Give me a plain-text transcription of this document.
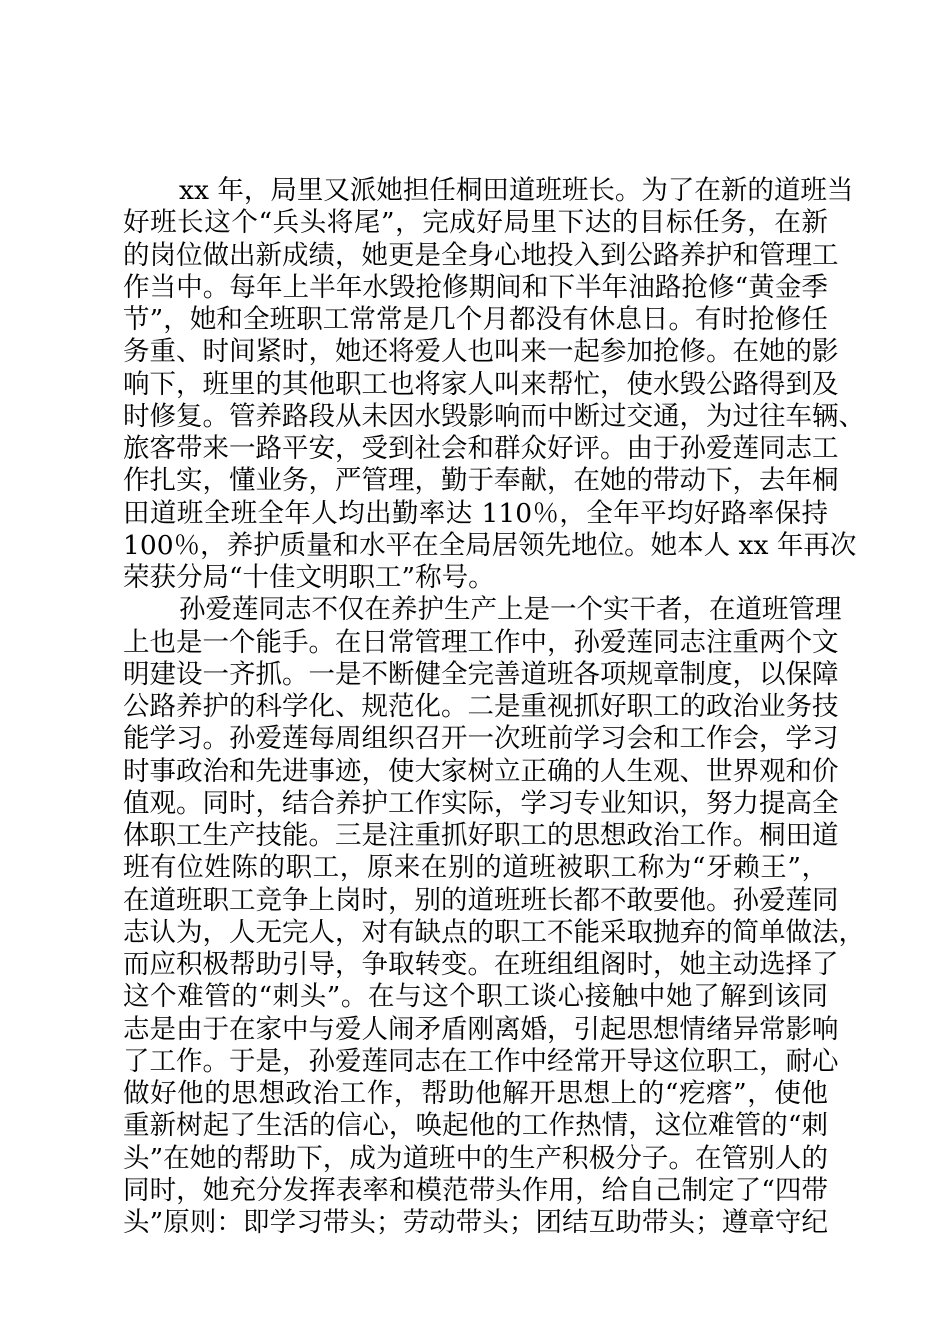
xx 年，局里又派她担任桐田道班班长。为了在新的道班当
好班长这个“兵头将尾”，完成好局里下达的目标任务，在新
的岗位做出新成绩，她更是全身心地投入到公路养护和管理工
作当中。每年上半年水毁抢修期间和下半年油路抢修“黄金季
节”，她和全班职工常常是几个月都没有休息日。有时抢修任
务重、时间紧时，她还将爱人也叫来一起参加抢修。在她的影
响下，班里的其他职工也将家人叫来帮忙，使水毁公路得到及
时修复。管养路段从未因水毁影响而中断过交通，为过往车辆、
旅客带来一路平安，受到社会和群众好评。由于孙爱莲同志工
作扎实，懂业务，严管理，勤于奉献，在她的带动下，去年桐
田道班全班全年人均出勤率达 110％，全年平均好路率保持
100％，养护质量和水平在全局居领先地位。她本人 xx 年再次
荣获分局“十佳文明职工”称号。
孙爱莲同志不仅在养护生产上是一个实干者，在道班管理
上也是一个能手。在日常管理工作中，孙爱莲同志注重两个文
明建设一齐抓。一是不断健全完善道班各项规章制度，以保障
公路养护的科学化、规范化。二是重视抓好职工的政治业务技
能学习。孙爱莲每周组织召开一次班前学习会和工作会，学习
时事政治和先进事迹，使大家树立正确的人生观、世界观和价
值观。同时，结合养护工作实际，学习专业知识，努力提高全
体职工生产技能。三是注重抓好职工的思想政治工作。桐田道
班有位姓陈的职工，原来在别的道班被职工称为“牙赖王”，
在道班职工竞争上岗时，别的道班班长都不敢要他。孙爱莲同
志认为，人无完人，对有缺点的职工不能采取抛弃的简单做法，
而应积极帮助引导，争取转变。在班组组阁时，她主动选择了
这个难管的“刺头”。在与这个职工谈心接触中她了解到该同
志是由于在家中与爱人闹矛盾刚离婚，引起思想情绪异常影响
了工作。于是，孙爱莲同志在工作中经常开导这位职工，耐心
做好他的思想政治工作，帮助他解开思想上的“疙瘩”，使他
重新树起了生活的信心，唤起他的工作热情，这位难管的“刺
头”在她的帮助下，成为道班中的生产积极分子。在管别人的
同时，她充分发挥表率和模范带头作用，给自己制定了“四带
头”原则：即学习带头；劳动带头；团结互助带头；遵章守纪
